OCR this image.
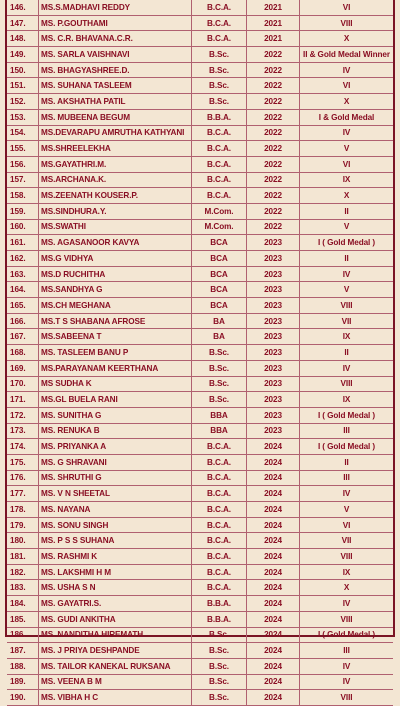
146.	MS.S.MADHAVI REDDY	B.C.A.	2021	VI
147.	MS. P.GOUTHAMI	B.C.A.	2021	VIII
148.	MS. C.R. BHAVANA.C.R.	B.C.A.	2021	X
149.	MS. SARLA VAISHNAVI	B.Sc.	2022	II & Gold Medal Winner
150.	MS. BHAGYASHREE.D.	B.Sc.	2022	IV
151.	MS. SUHANA TASLEEM	B.Sc.	2022	VI
152.	MS. AKSHATHA PATIL	B.Sc.	2022	X
153.	MS. MUBEENA BEGUM	B.B.A.	2022	I & Gold Medal
154.	MS.DEVARAPU AMRUTHA KATHYANI	B.C.A.	2022	IV
155.	MS.SHREELEKHA	B.C.A.	2022	V
156.	MS.GAYATHRI.M.	B.C.A.	2022	VI
157.	MS.ARCHANA.K.	B.C.A.	2022	IX
158.	MS.ZEENATH KOUSER.P.	B.C.A.	2022	X
159.	MS.SINDHURA.Y.	M.Com.	2022	II
160.	MS.SWATHI	M.Com.	2022	V
161.	MS. AGASANOOR KAVYA	BCA	2023	I ( Gold Medal )
162.	MS.G VIDHYA	BCA	2023	II
163.	MS.D RUCHITHA	BCA	2023	IV
164.	MS.SANDHYA G	BCA	2023	V
165.	MS.CH MEGHANA	BCA	2023	VIII
166.	MS.T S SHABANA AFROSE	BA	2023	VII
167.	MS.SABEENA T	BA	2023	IX
168.	MS. TASLEEM BANU P	B.Sc.	2023	II
169.	MS.PARAYANAM KEERTHANA	B.Sc.	2023	IV
170.	MS SUDHA K	B.Sc.	2023	VIII
171.	MS.GL BUELA RANI	B.Sc.	2023	IX
172.	MS. SUNITHA G	BBA	2023	I ( Gold Medal )
173.	MS. RENUKA B	BBA	2023	III
174.	MS. PRIYANKA A	B.C.A.	2024	I ( Gold Medal )
175.	MS. G SHRAVANI	B.C.A.	2024	II
176.	MS. SHRUTHI G	B.C.A.	2024	III
177.	MS. V N SHEETAL	B.C.A.	2024	IV
178.	MS. NAYANA	B.C.A.	2024	V
179.	MS. SONU SINGH	B.C.A.	2024	VI
180.	MS. P S S SUHANA	B.C.A.	2024	VII
181.	MS. RASHMI K	B.C.A.	2024	VIII
182.	MS. LAKSHMI H M	B.C.A.	2024	IX
183.	MS. USHA S N	B.C.A.	2024	X
184.	MS. GAYATRI.S.	B.B.A.	2024	IV
185.	MS. GUDI ANKITHA	B.B.A.	2024	VIII
186.	MS. NANDITHA HIREMATH	B.Sc.	2024	I ( Gold Medal )
187.	MS. J PRIYA DESHPANDE	B.Sc.	2024	III
188.	MS. TAILOR KANEKAL RUKSANA	B.Sc.	2024	IV
189.	MS. VEENA B M	B.Sc.	2024	IV
190.	MS. VIBHA H C	B.Sc.	2024	VIII
